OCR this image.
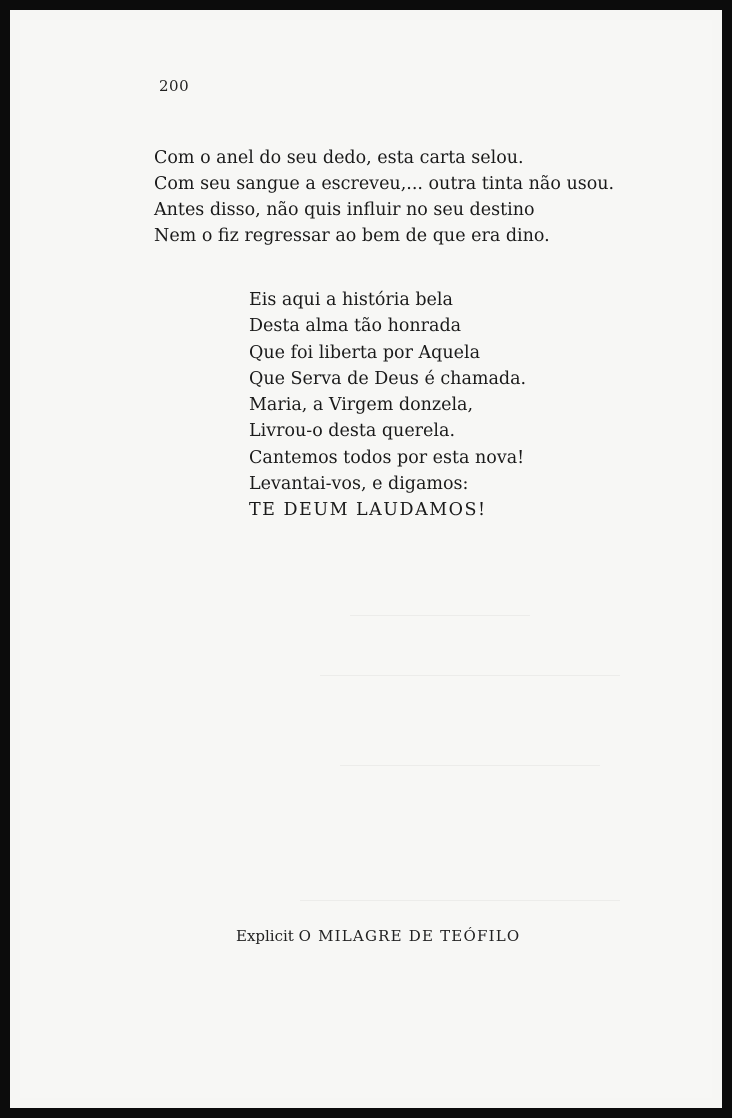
200
Com o anel do seu dedo, esta carta selou.
Com seu sangue a escreveu,... outra tinta não usou.
Antes disso, não quis influir no seu destino
Nem o fiz regressar ao bem de que era dino.
Eis aqui a história bela
Desta alma tão honrada
Que foi liberta por Aquela
Que Serva de Deus é chamada.
Maria, a Virgem donzela,
Livrou-o desta querela.
Cantemos todos por esta nova!
Levantai-vos, e digamos:
TE DEUM LAUDAMOS!
Explicit O MILAGRE DE TEÓFILO
